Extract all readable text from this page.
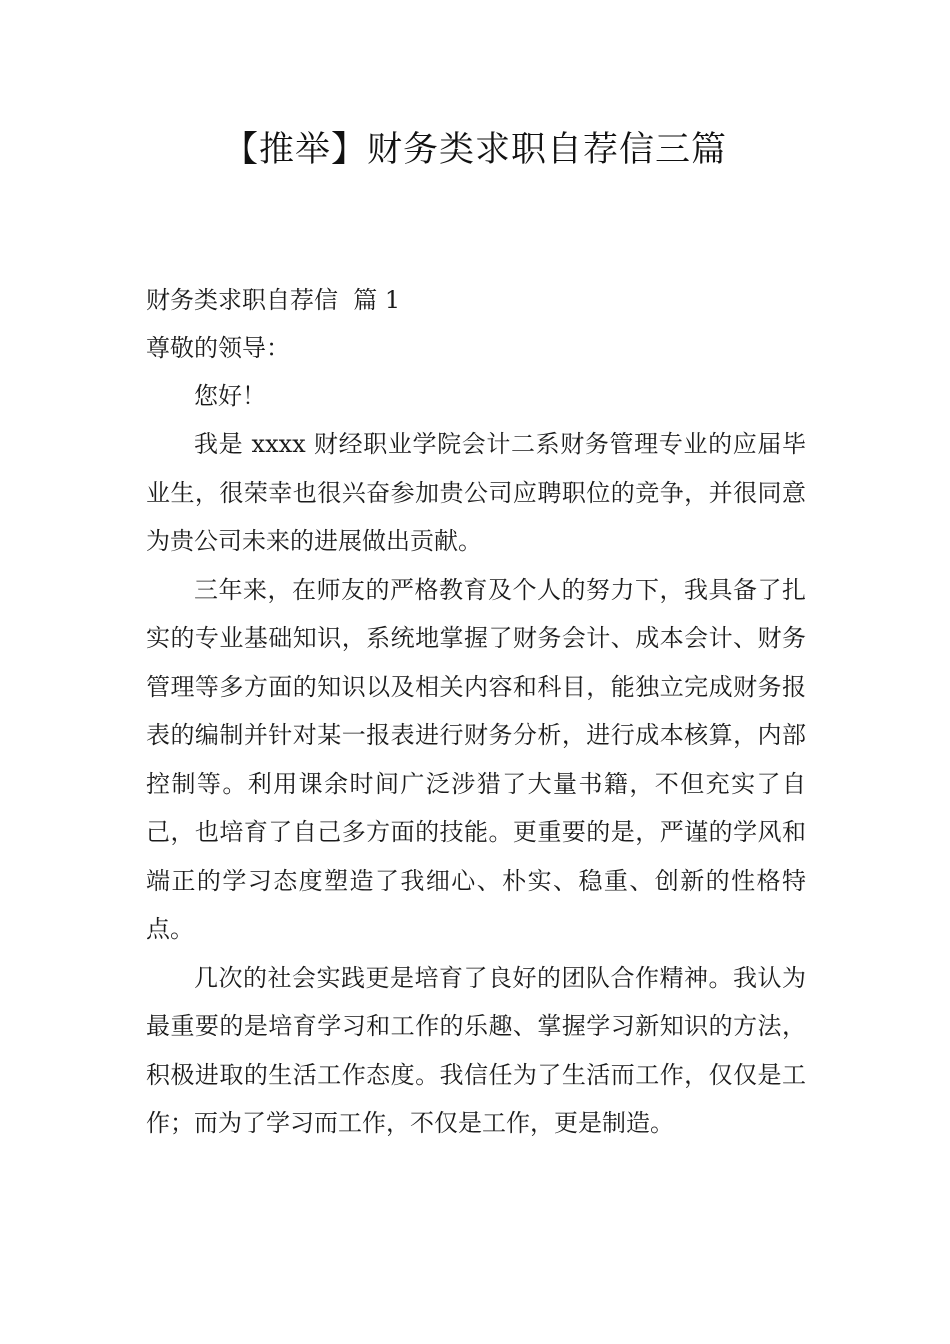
【推举】财务类求职自荐信三篇
财务类求职自荐信  篇 1
尊敬的领导：

您好！

我是 xxxx 财经职业学院会计二系财务管理专业的应届毕业生，很荣幸也很兴奋参加贵公司应聘职位的竞争，并很同意为贵公司未来的进展做出贡献。

三年来，在师友的严格教育及个人的努力下，我具备了扎实的专业基础知识，系统地掌握了财务会计、成本会计、财务管理等多方面的知识以及相关内容和科目，能独立完成财务报表的编制并针对某一报表进行财务分析，进行成本核算，内部控制等。利用课余时间广泛涉猎了大量书籍，不但充实了自己，也培育了自己多方面的技能。更重要的是，严谨的学风和端正的学习态度塑造了我细心、朴实、稳重、创新的性格特点。

几次的社会实践更是培育了良好的团队合作精神。我认为最重要的是培育学习和工作的乐趣、掌握学习新知识的方法，积极进取的生活工作态度。我信任为了生活而工作，仅仅是工作；而为了学习而工作，不仅是工作，更是制造。
